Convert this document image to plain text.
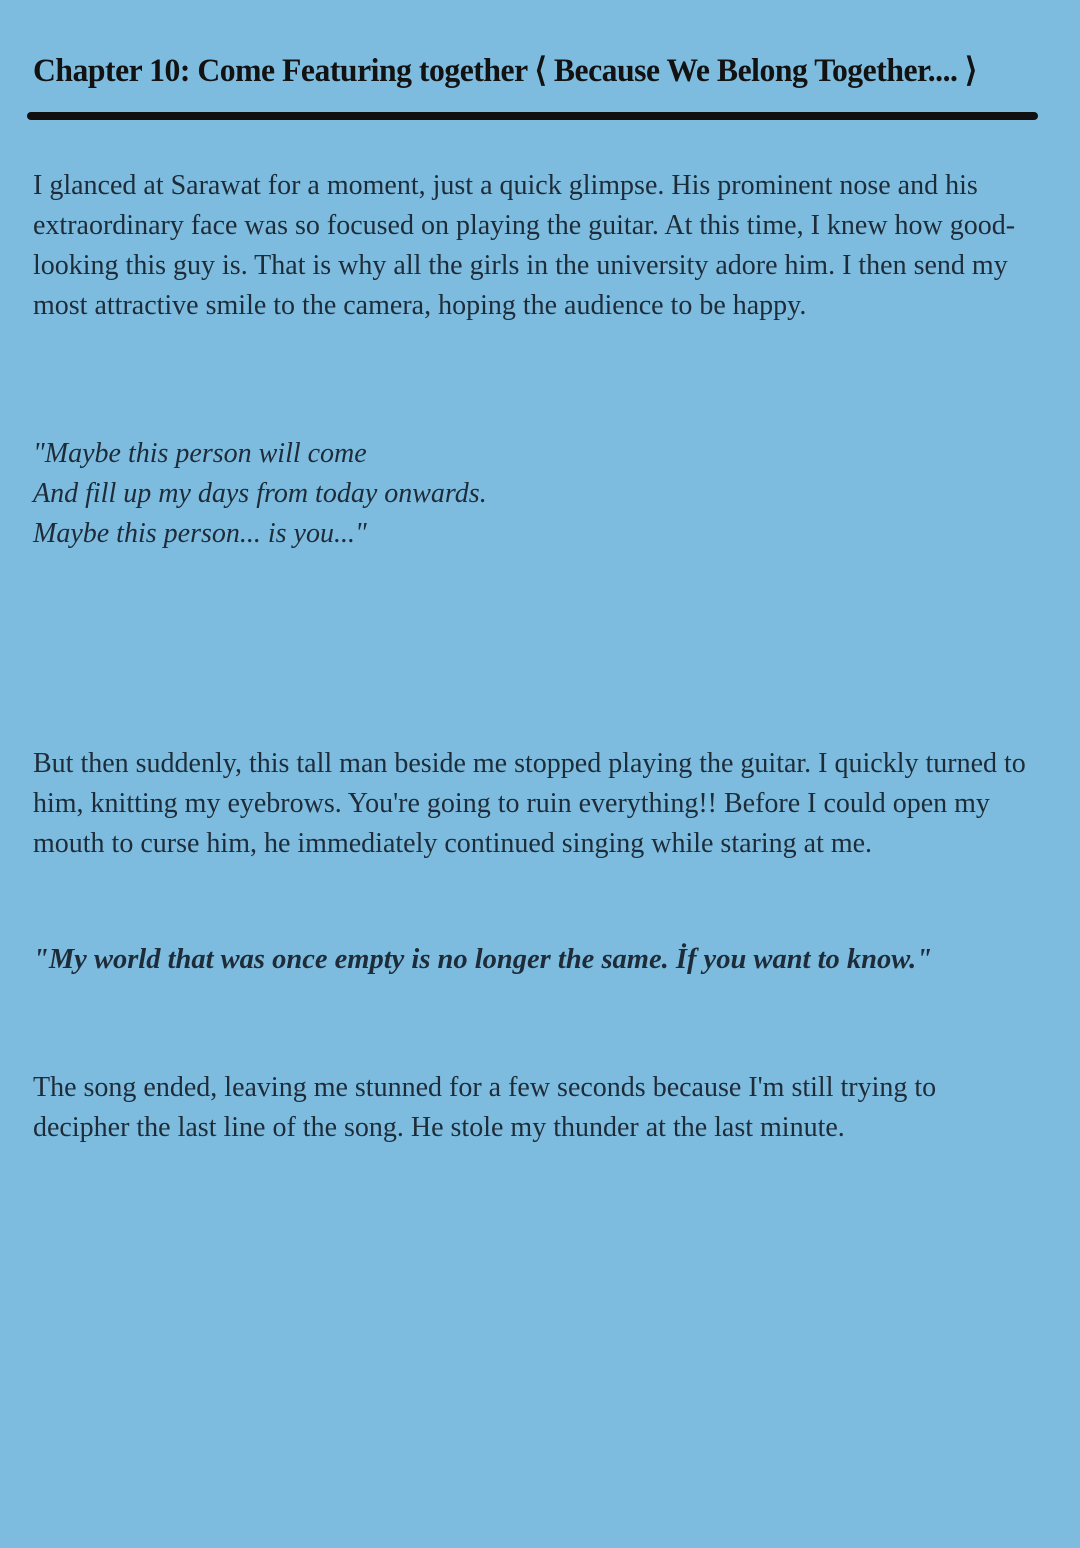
Chapter 10: Come Featuring together ⟨ Because We Belong Together.... ⟩

I glanced at Sarawat for a moment, just a quick glimpse. His prominent nose and his extraordinary face was so focused on playing the guitar. At this time, I knew how good-looking this guy is. That is why all the girls in the university adore him. I then send my most attractive smile to the camera, hoping the audience to be happy.

"Maybe this person will come
And fill up my days from today onwards.
Maybe this person... is you..."

But then suddenly, this tall man beside me stopped playing the guitar. I quickly turned to him, knitting my eyebrows. You're going to ruin everything!! Before I could open my mouth to curse him, he immediately continued singing while staring at me.

"My world that was once empty is no longer the same. İf you want to know."

The song ended, leaving me stunned for a few seconds because I'm still trying to decipher the last line of the song. He stole my thunder at the last minute.
